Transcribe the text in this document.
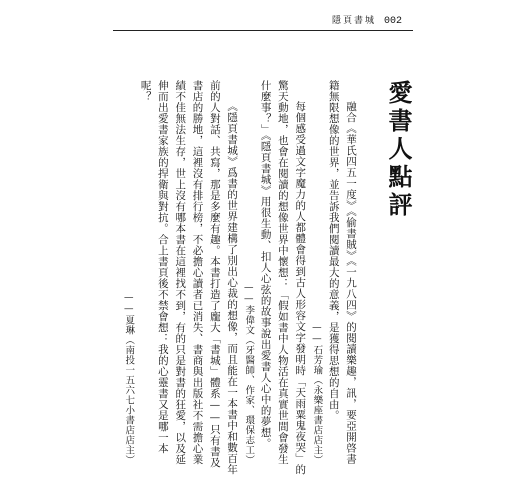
隱頁書城 002
愛書人點評

融合《華氏四五一度》《偷書賊》《一九八四》的閱讀樂趣，訊，要亞開啓書籍無限想像的世界，並告訴我們閱讀最大的意義，是獲得思想的自由。

——石芳瑜（永樂座書店店主）

每個感受過文字魔力的人都體會得到古人形容文字發明時「天雨粟鬼夜哭」的驚天動地，也會在閱讀的想像世界中懷想：「假如書中人物活在真實世間會發生什麼事？」《隱頁書城》用很生動、扣人心弦的故事說出愛書人心中的夢想。

——李偉文（牙醫師、作家、環保志工）

《隱頁書城》爲書的世界建構了別出心裁的想像，而且能在一本書中和數百年前的人對話、共寫，那是多麼有趣。本書打造了龐大「書城」體系——只有書及書店的勝地，這裡沒有排行榜，不必擔心讀者已消失、書商與出版社不需擔心業績不佳無法生存，世上沒有哪本書在這裡找不到，有的只是對書的狂愛，以及延伸而出愛書家族的捍衛與對抗。合上書頁後不禁會想：我的心靈書又是哪一本呢？

——夏琳（南投一五六七小書店店主）
